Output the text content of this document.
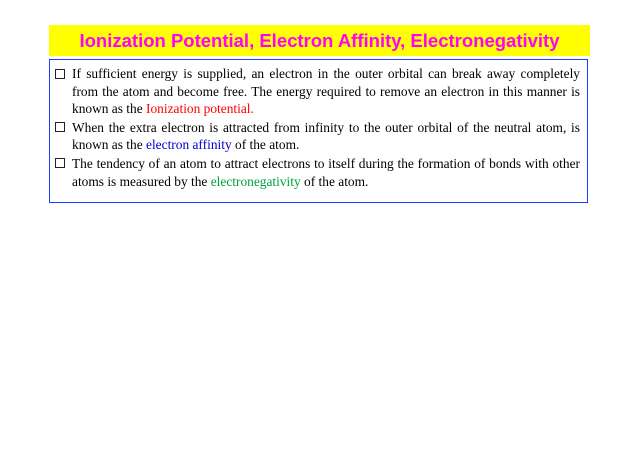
Ionization Potential, Electron Affinity, Electronegativity
If sufficient energy is supplied, an electron in the outer orbital can break away completely from the atom and become free. The energy required to remove an electron in this manner is known as the Ionization potential.
When the extra electron is attracted from infinity to the outer orbital of the neutral atom, is known as the electron affinity of the atom.
The tendency of an atom to attract electrons to itself during the formation of bonds with other atoms is measured by the electronegativity of the atom.
